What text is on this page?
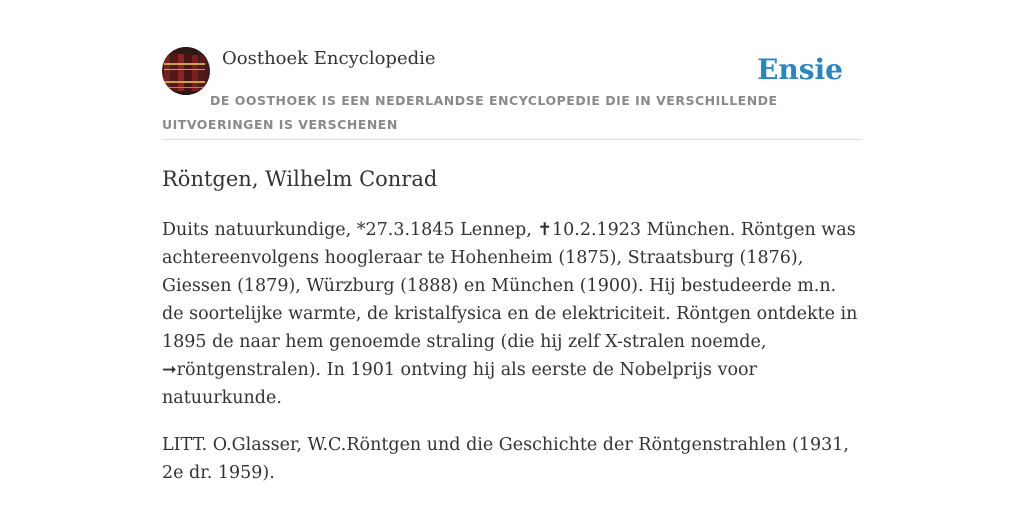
Oosthoek Encyclopedie	Ensie
DE OOSTHOEK IS EEN NEDERLANDSE ENCYCLOPEDIE DIE IN VERSCHILLENDE UITVOERINGEN IS VERSCHENEN
Röntgen, Wilhelm Conrad

Duits natuurkundige, *27.3.1845 Lennep, ✝10.2.1923 München. Röntgen was achtereenvolgens hoogleraar te Hohenheim (1875), Straatsburg (1876), Giessen (1879), Würzburg (1888) en München (1900). Hij bestudeerde m.n. de soortelijke warmte, de kristalfysica en de elektriciteit. Röntgen ontdekte in 1895 de naar hem genoemde straling (die hij zelf X-stralen noemde, ➞röntgenstralen). In 1901 ontving hij als eerste de Nobelprijs voor natuurkunde.

LITT. O.Glasser, W.C.Röntgen und die Geschichte der Röntgenstrahlen (1931, 2e dr. 1959).
